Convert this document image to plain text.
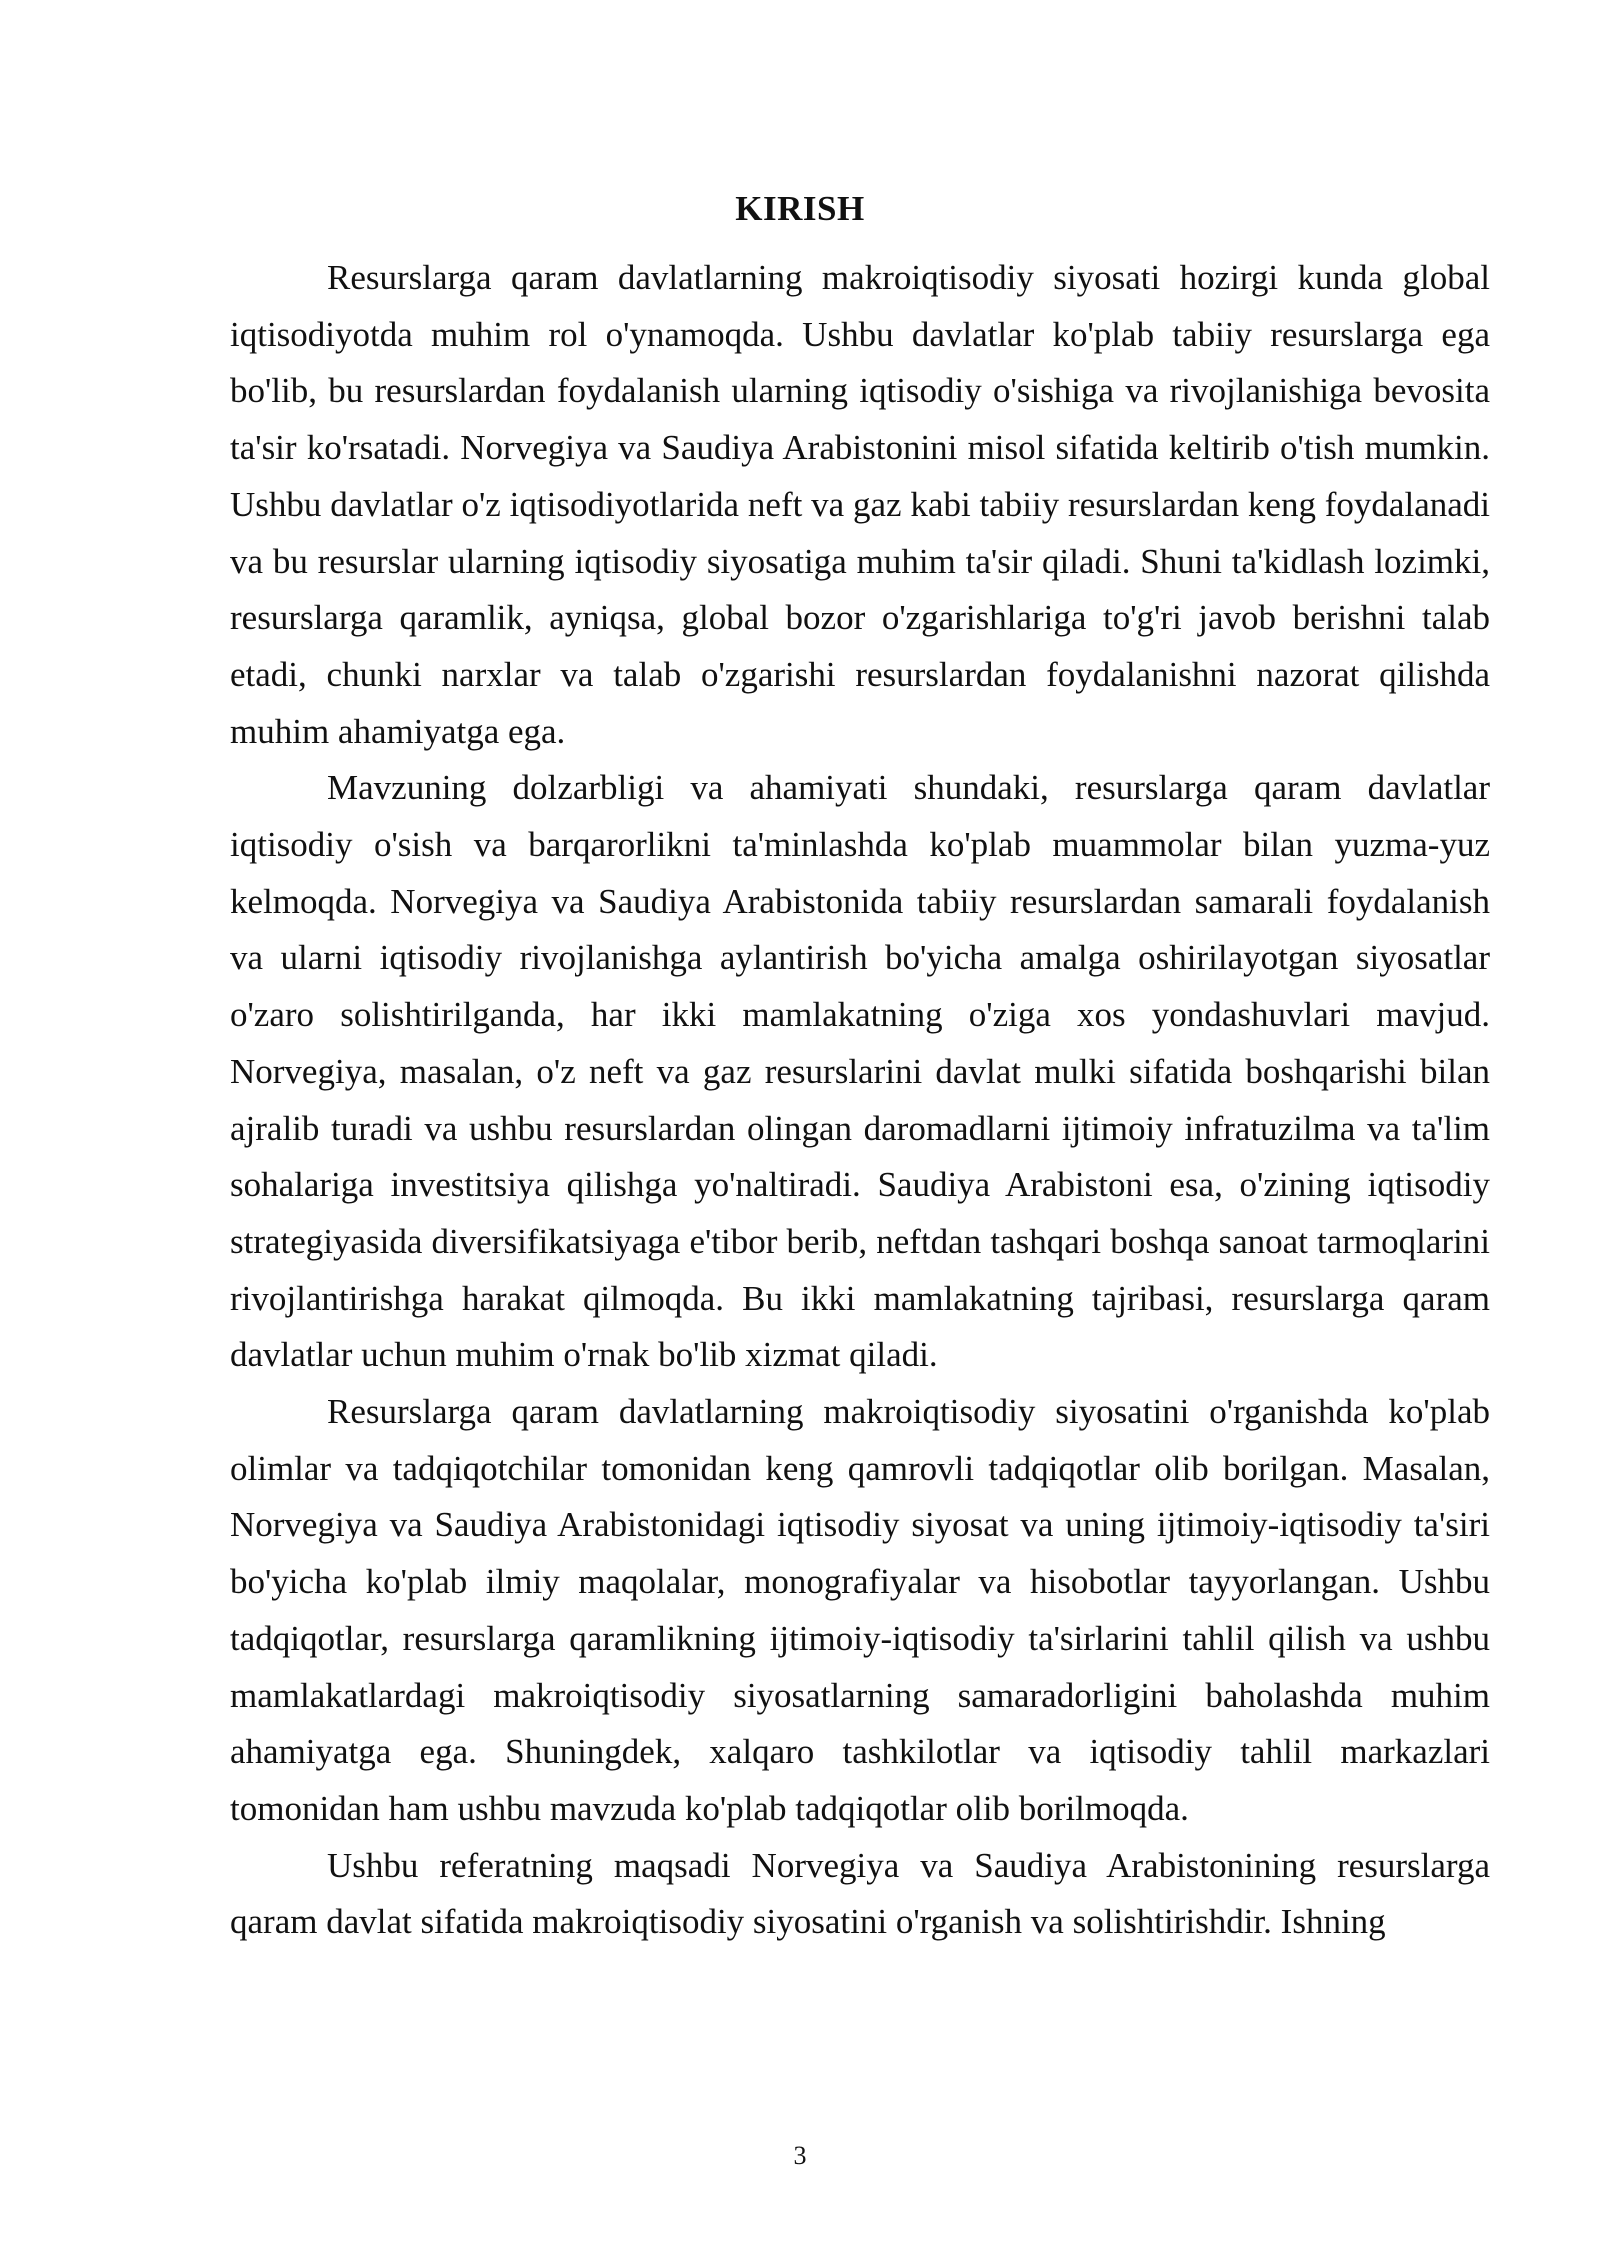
KIRISH

Resurslarga qaram davlatlarning makroiqtisodiy siyosati hozirgi kunda global iqtisodiyotda muhim rol o'ynamoqda. Ushbu davlatlar ko'plab tabiiy resurslarga ega bo'lib, bu resurslardan foydalanish ularning iqtisodiy o'sishiga va rivojlanishiga bevosita ta'sir ko'rsatadi. Norvegiya va Saudiya Arabistonini misol sifatida keltirib o'tish mumkin. Ushbu davlatlar o'z iqtisodiyotlarida neft va gaz kabi tabiiy resurslardan keng foydalanadi va bu resurslar ularning iqtisodiy siyosatiga muhim ta'sir qiladi. Shuni ta'kidlash lozimki, resurslarga qaramlik, ayniqsa, global bozor o'zgarishlariga to'g'ri javob berishni talab etadi, chunki narxlar va talab o'zgarishi resurslardan foydalanishni nazorat qilishda muhim ahamiyatga ega.

Mavzuning dolzarbligi va ahamiyati shundaki, resurslarga qaram davlatlar iqtisodiy o'sish va barqarorlikni ta'minlashda ko'plab muammolar bilan yuzma-yuz kelmoqda. Norvegiya va Saudiya Arabistonida tabiiy resurslardan samarali foydalanish va ularni iqtisodiy rivojlanishga aylantirish bo'yicha amalga oshirilayotgan siyosatlar o'zaro solishtirilganda, har ikki mamlakatning o'ziga xos yondashuvlari mavjud. Norvegiya, masalan, o'z neft va gaz resurslarini davlat mulki sifatida boshqarishi bilan ajralib turadi va ushbu resurslardan olingan daromadlarni ijtimoiy infratuzilma va ta'lim sohalariga investitsiya qilishga yo'naltiradi. Saudiya Arabistoni esa, o'zining iqtisodiy strategiyasida diversifikatsiyaga e'tibor berib, neftdan tashqari boshqa sanoat tarmoqlarini rivojlantirishga harakat qilmoqda. Bu ikki mamlakatning tajribasi, resurslarga qaram davlatlar uchun muhim o'rnak bo'lib xizmat qiladi.

Resurslarga qaram davlatlarning makroiqtisodiy siyosatini o'rganishda ko'plab olimlar va tadqiqotchilar tomonidan keng qamrovli tadqiqotlar olib borilgan. Masalan, Norvegiya va Saudiya Arabistonidagi iqtisodiy siyosat va uning ijtimoiy-iqtisodiy ta'siri bo'yicha ko'plab ilmiy maqolalar, monografiyalar va hisobotlar tayyorlangan. Ushbu tadqiqotlar, resurslarga qaramlikning ijtimoiy-iqtisodiy ta'sirlarini tahlil qilish va ushbu mamlakatlardagi makroiqtisodiy siyosatlarning samaradorligini baholashda muhim ahamiyatga ega. Shuningdek, xalqaro tashkilotlar va iqtisodiy tahlil markazlari tomonidan ham ushbu mavzuda ko'plab tadqiqotlar olib borilmoqda.

Ushbu referatning maqsadi Norvegiya va Saudiya Arabistonining resurslarga qaram davlat sifatida makroiqtisodiy siyosatini o'rganish va solishtirishdir. Ishning

3
